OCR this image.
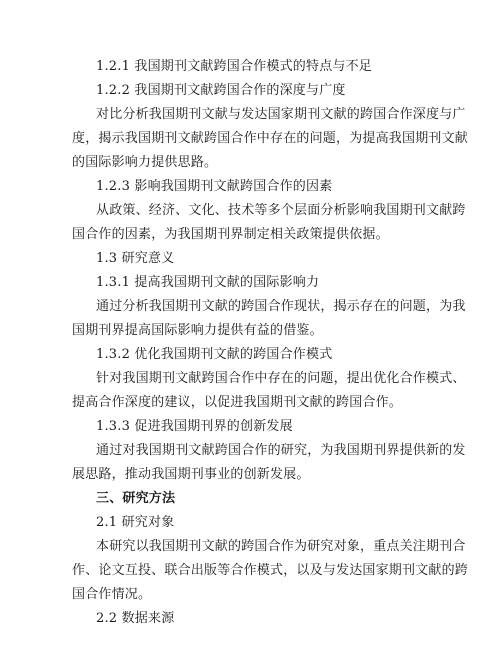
1.2.1 我国期刊文献跨国合作模式的特点与不足
1.2.2 我国期刊文献跨国合作的深度与广度
对比分析我国期刊文献与发达国家期刊文献的跨国合作深度与广
度，揭示我国期刊文献跨国合作中存在的问题，为提高我国期刊文献
的国际影响力提供思路。
1.2.3 影响我国期刊文献跨国合作的因素
从政策、经济、文化、技术等多个层面分析影响我国期刊文献跨
国合作的因素，为我国期刊界制定相关政策提供依据。
1.3 研究意义
1.3.1 提高我国期刊文献的国际影响力
通过分析我国期刊文献的跨国合作现状，揭示存在的问题，为我
国期刊界提高国际影响力提供有益的借鉴。
1.3.2 优化我国期刊文献的跨国合作模式
针对我国期刊文献跨国合作中存在的问题，提出优化合作模式、
提高合作深度的建议，以促进我国期刊文献的跨国合作。
1.3.3 促进我国期刊界的创新发展
通过对我国期刊文献跨国合作的研究，为我国期刊界提供新的发
展思路，推动我国期刊事业的创新发展。
三、研究方法
2.1 研究对象
本研究以我国期刊文献的跨国合作为研究对象，重点关注期刊合
作、论文互投、联合出版等合作模式，以及与发达国家期刊文献的跨
国合作情况。
2.2 数据来源
